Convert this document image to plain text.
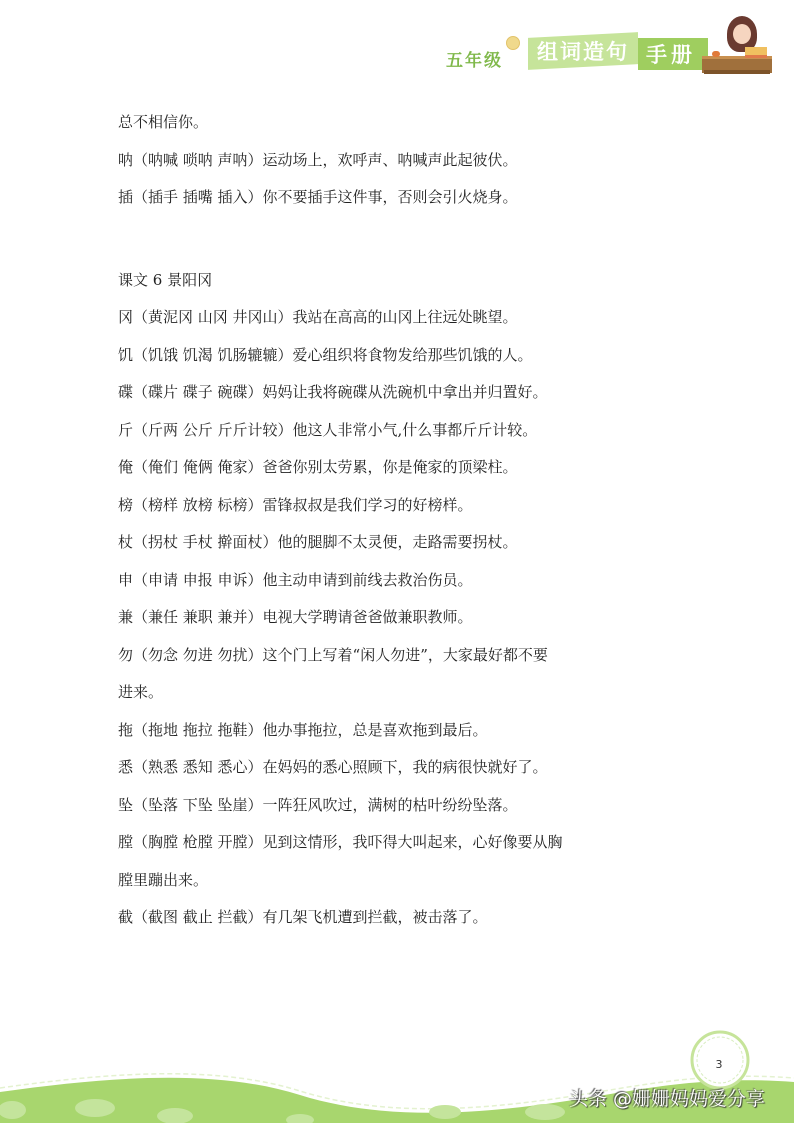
五年级 组词造句 手册
总不相信你。
呐（呐喊 唢呐 声呐）运动场上，欢呼声、呐喊声此起彼伏。
插（插手 插嘴 插入）你不要插手这件事，否则会引火烧身。
课文 6 景阳冈
冈（黄泥冈 山冈 井冈山）我站在高高的山冈上往远处眺望。
饥（饥饿 饥渴 饥肠辘辘）爱心组织将食物发给那些饥饿的人。
碟（碟片 碟子 碗碟）妈妈让我将碗碟从洗碗机中拿出并归置好。
斤（斤两 公斤 斤斤计较）他这人非常小气,什么事都斤斤计较。
俺（俺们 俺俩 俺家）爸爸你别太劳累，你是俺家的顶梁柱。
榜（榜样 放榜 标榜）雷锋叔叔是我们学习的好榜样。
杖（拐杖 手杖 擀面杖）他的腿脚不太灵便，走路需要拐杖。
申（申请 申报 申诉）他主动申请到前线去救治伤员。
兼（兼任 兼职 兼并）电视大学聘请爸爸做兼职教师。
勿（勿念 勿进 勿扰）这个门上写着“闲人勿进”，大家最好都不要
进来。
拖（拖地 拖拉 拖鞋）他办事拖拉，总是喜欢拖到最后。
悉（熟悉 悉知 悉心）在妈妈的悉心照顾下，我的病很快就好了。
坠（坠落 下坠 坠崖）一阵狂风吹过，满树的枯叶纷纷坠落。
膛（胸膛 枪膛 开膛）见到这情形，我吓得大叫起来，心好像要从胸
膛里蹦出来。
截（截图 截止 拦截）有几架飞机遭到拦截，被击落了。
3
头条 @姗姗妈妈爱分享
